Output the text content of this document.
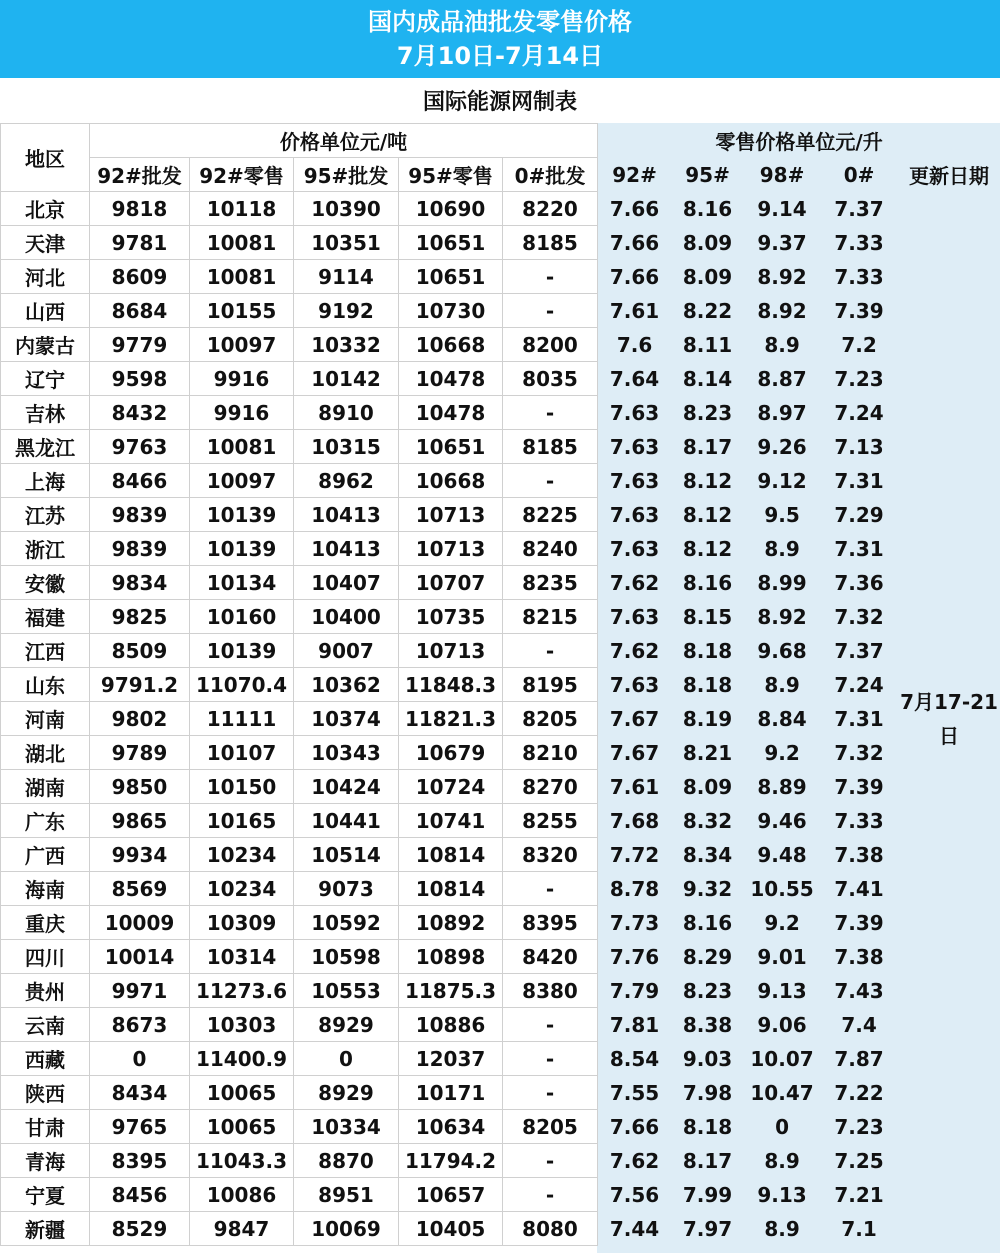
国内成品油批发零售价格
7月10日-7月14日
国际能源网制表
地区	价格单位元/吨					零售价格单位元/升				
	92#批发	92#零售	95#批发	95#零售	0#批发	92#	95#	98#	0#	更新日期
北京	9818	10118	10390	10690	8220	7.66	8.16	9.14	7.37	7月17-21日
天津	9781	10081	10351	10651	8185	7.66	8.09	9.37	7.33	
河北	8609	10081	9114	10651	-	7.66	8.09	8.92	7.33	
山西	8684	10155	9192	10730	-	7.61	8.22	8.92	7.39	
内蒙古	9779	10097	10332	10668	8200	7.6	8.11	8.9	7.2	
辽宁	9598	9916	10142	10478	8035	7.64	8.14	8.87	7.23	
吉林	8432	9916	8910	10478	-	7.63	8.23	8.97	7.24	
黑龙江	9763	10081	10315	10651	8185	7.63	8.17	9.26	7.13	
上海	8466	10097	8962	10668	-	7.63	8.12	9.12	7.31	
江苏	9839	10139	10413	10713	8225	7.63	8.12	9.5	7.29	
浙江	9839	10139	10413	10713	8240	7.63	8.12	8.9	7.31	
安徽	9834	10134	10407	10707	8235	7.62	8.16	8.99	7.36	
福建	9825	10160	10400	10735	8215	7.63	8.15	8.92	7.32	
江西	8509	10139	9007	10713	-	7.62	8.18	9.68	7.37	
山东	9791.2	11070.4	10362	11848.3	8195	7.63	8.18	8.9	7.24	
河南	9802	11111	10374	11821.3	8205	7.67	8.19	8.84	7.31	
湖北	9789	10107	10343	10679	8210	7.67	8.21	9.2	7.32	
湖南	9850	10150	10424	10724	8270	7.61	8.09	8.89	7.39	
广东	9865	10165	10441	10741	8255	7.68	8.32	9.46	7.33	
广西	9934	10234	10514	10814	8320	7.72	8.34	9.48	7.38	
海南	8569	10234	9073	10814	-	8.78	9.32	10.55	7.41	
重庆	10009	10309	10592	10892	8395	7.73	8.16	9.2	7.39	
四川	10014	10314	10598	10898	8420	7.76	8.29	9.01	7.38	
贵州	9971	11273.6	10553	11875.3	8380	7.79	8.23	9.13	7.43	
云南	8673	10303	8929	10886	-	7.81	8.38	9.06	7.4	
西藏	0	11400.9	0	12037	-	8.54	9.03	10.07	7.87	
陕西	8434	10065	8929	10171	-	7.55	7.98	10.47	7.22	
甘肃	9765	10065	10334	10634	8205	7.66	8.18	0	7.23	
青海	8395	11043.3	8870	11794.2	-	7.62	8.17	8.9	7.25	
宁夏	8456	10086	8951	10657	-	7.56	7.99	9.13	7.21	
新疆	8529	9847	10069	10405	8080	7.44	7.97	8.9	7.1	
